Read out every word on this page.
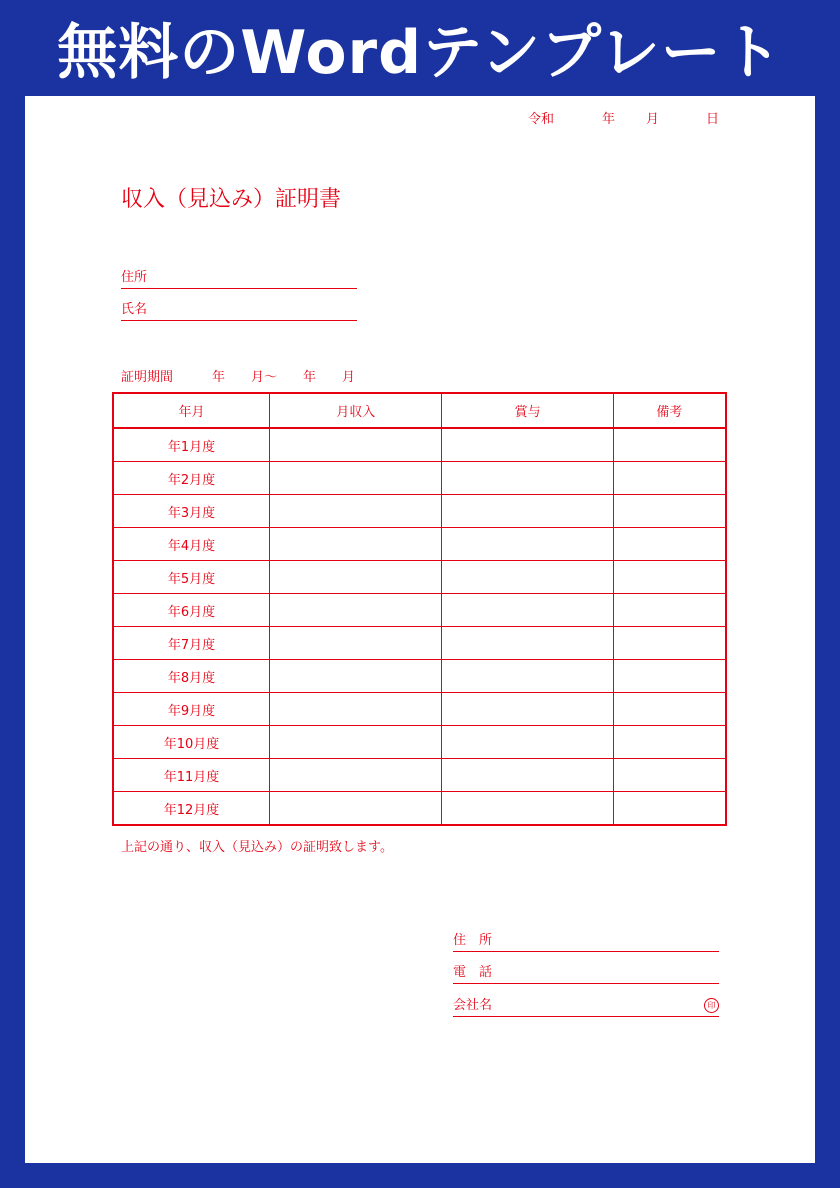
無料のWordテンプレート
令和	年	月	日
収入（見込み）証明書
住所
氏名
証明期間　　　年　　月～　　年　　月
年月	月収入	賞与	備考
年1月度			
年2月度			
年3月度			
年4月度			
年5月度			
年6月度			
年7月度			
年8月度			
年9月度			
年10月度			
年11月度			
年12月度			
上記の通り、収入（見込み）の証明致します。
住　所
電　話
会社名	印
